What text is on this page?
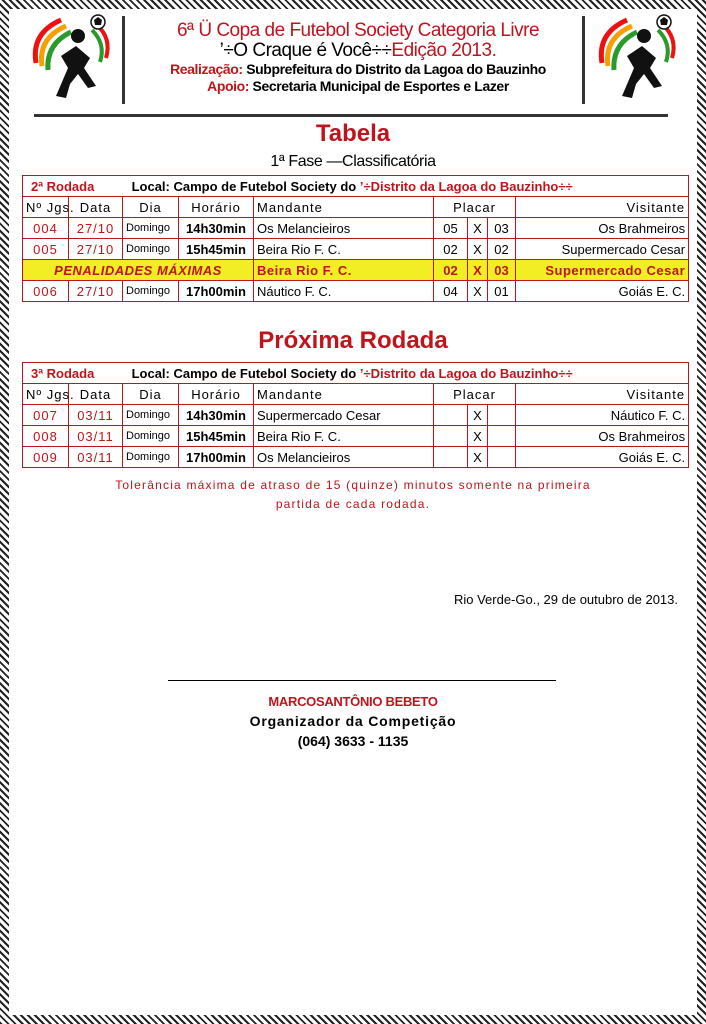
6ª Ü Copa de Futebol Society Categoria Livre
’÷O Craque é Você÷÷Edição 2013.
Realização: Subprefeitura do Distrito da Lagoa do Bauzinho
Apoio: Secretaria Municipal de Esportes e Lazer
Tabela
1ª Fase —Classificatória
2ª Rodada Local: Campo de Futebol Society do ’÷Distrito da Lagoa do Bauzinho÷÷								
Nº Jgs.	Data	Dia	Horário	Mandante	Placar			Visitante
004	27/10	Domingo	14h30min	Os Melancieiros	05	X	03	Os Brahmeiros
005	27/10	Domingo	15h45min	Beira Rio F. C.	02	X	02	Supermercado Cesar
PENALIDADES MÁXIMAS				Beira Rio F. C.	02	X	03	Supermercado Cesar
006	27/10	Domingo	17h00min	Náutico F. C.	04	X	01	Goiás E. C.
Próxima Rodada
3ª Rodada Local: Campo de Futebol Society do ’÷Distrito da Lagoa do Bauzinho÷÷								
Nº Jgs.	Data	Dia	Horário	Mandante	Placar			Visitante
007	03/11	Domingo	14h30min	Supermercado Cesar		X		Náutico F. C.
008	03/11	Domingo	15h45min	Beira Rio F. C.		X		Os Brahmeiros
009	03/11	Domingo	17h00min	Os Melancieiros		X		Goiás E. C.
Tolerância máxima de atraso de 15 (quinze) minutos somente na primeira
partida de cada rodada.
Rio Verde-Go., 29 de outubro de 2013.
MARCOSANTÔNIO BEBETO
Organizador da Competição
(064) 3633 - 1135
